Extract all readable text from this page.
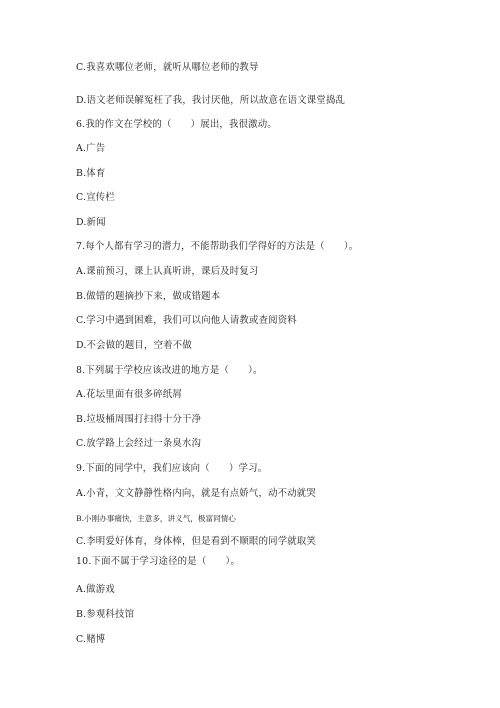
C.我喜欢哪位老师，就听从哪位老师的教导
D.语文老师误解冤枉了我，我讨厌他，所以故意在语文课堂捣乱
6.我的作文在学校的（　　）展出，我很激动。
A.广告
B.体育
C.宣传栏
D.新闻
7.每个人都有学习的潜力，不能帮助我们学得好的方法是（　　）。
A.课前预习，课上认真听讲，课后及时复习
B.做错的题摘抄下来，做成错题本
C.学习中遇到困难，我们可以向他人请教或查阅资料
D.不会做的题目，空着不做
8.下列属于学校应该改进的地方是（　　）。
A.花坛里面有很多碎纸屑
B.垃圾桶周围打扫得十分干净
C.放学路上会经过一条臭水沟
9.下面的同学中，我们应该向（　　）学习。
A.小青，文文静静性格内向，就是有点娇气，动不动就哭
B.小刚办事痛快，主意多，讲义气，极富同情心
C.李明爱好体育，身体棒，但是看到不顺眼的同学就取笑
10.下面不属于学习途径的是（　　）。
A.做游戏
B.参观科技馆
C.赌博
